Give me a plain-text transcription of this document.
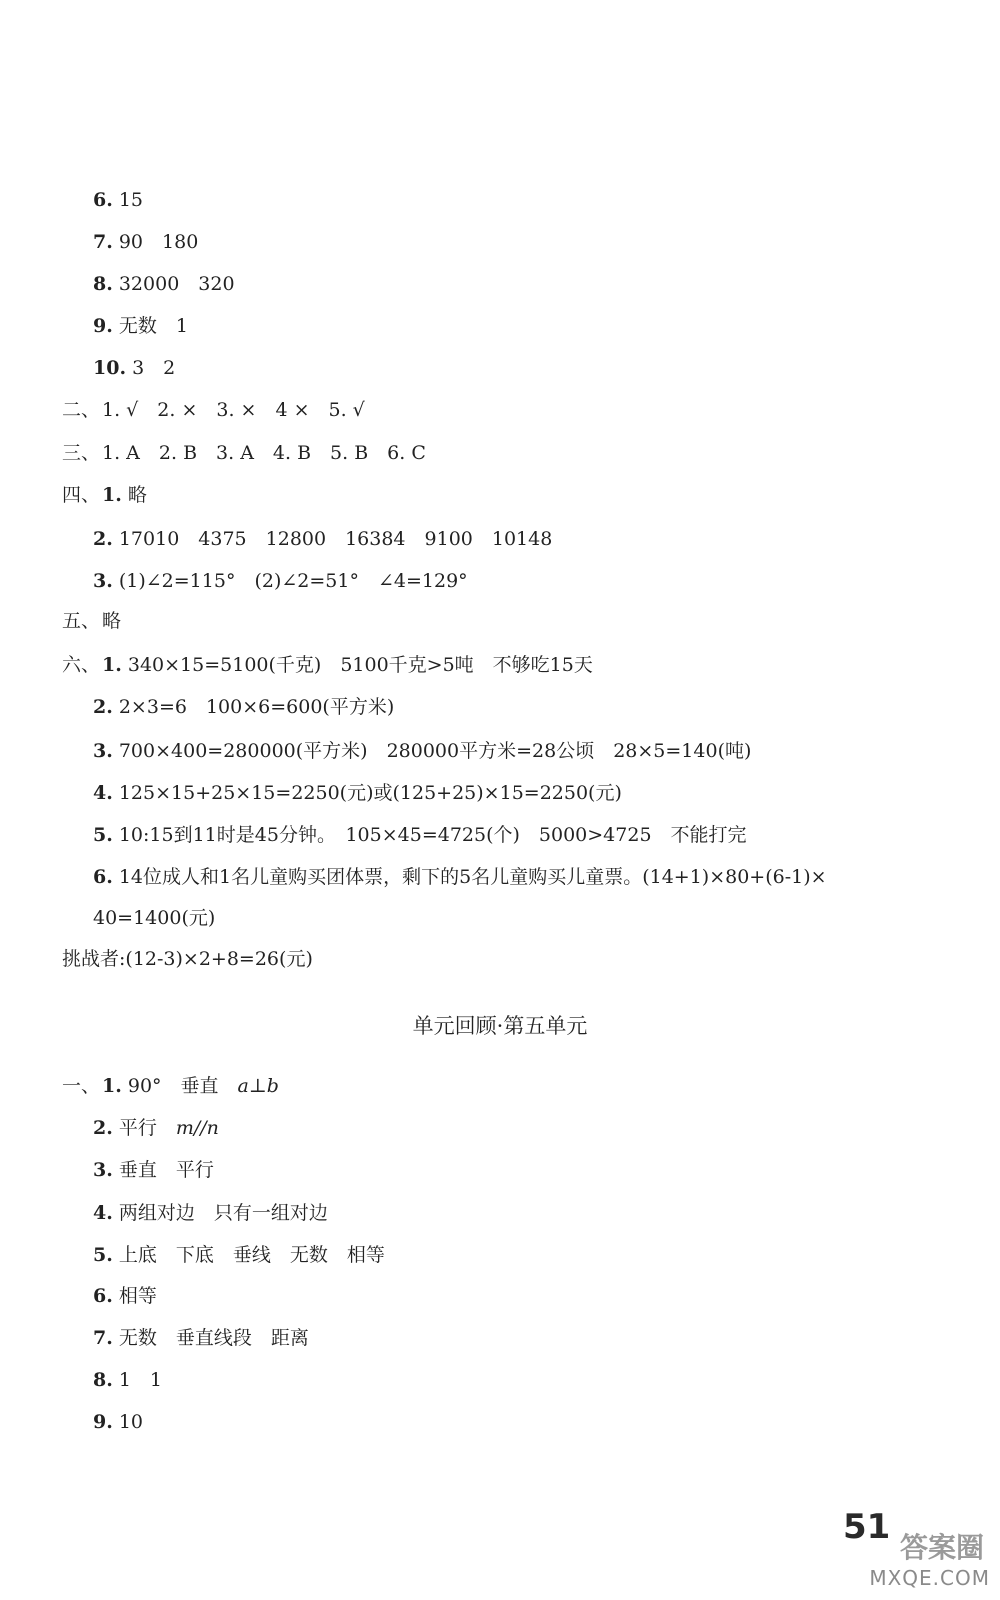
6. 15
7. 90　180
8. 32000　320
9. 无数　1
10. 3　2
二、 1. √　2. ×　3. ×　4 ×　5. √
三、 1. A　2. B　3. A　4. B　5. B　6. C
四、 1. 略
2. 17010　4375　12800　16384　9100　10148
3. (1)∠2=115°　(2)∠2=51°　∠4=129°
五、 略
六、 1. 340×15=5100(千克)　5100千克>5吨　不够吃15天
2. 2×3=6　100×6=600(平方米)
3. 700×400=280000(平方米)　280000平方米=28公顷　28×5=140(吨)
4. 125×15+25×15=2250(元)或(125+25)×15=2250(元)
5. 10:15到11时是45分钟。　105×45=4725(个)　5000>4725　不能打完
6. 14位成人和1名儿童购买团体票，剩下的5名儿童购买儿童票。(14+1)×80+(6-1)×
40=1400(元)
挑战者:(12-3)×2+8=26(元)
单元回顾·第五单元
一、 1. 90°　垂直　a⊥b
2. 平行　m//n
3. 垂直　平行
4. 两组对边　只有一组对边
5. 上底　下底　垂线　无数　相等
6. 相等
7. 无数　垂直线段　距离
8. 1　1
9. 10
51
答案圈
MXQE.COM
